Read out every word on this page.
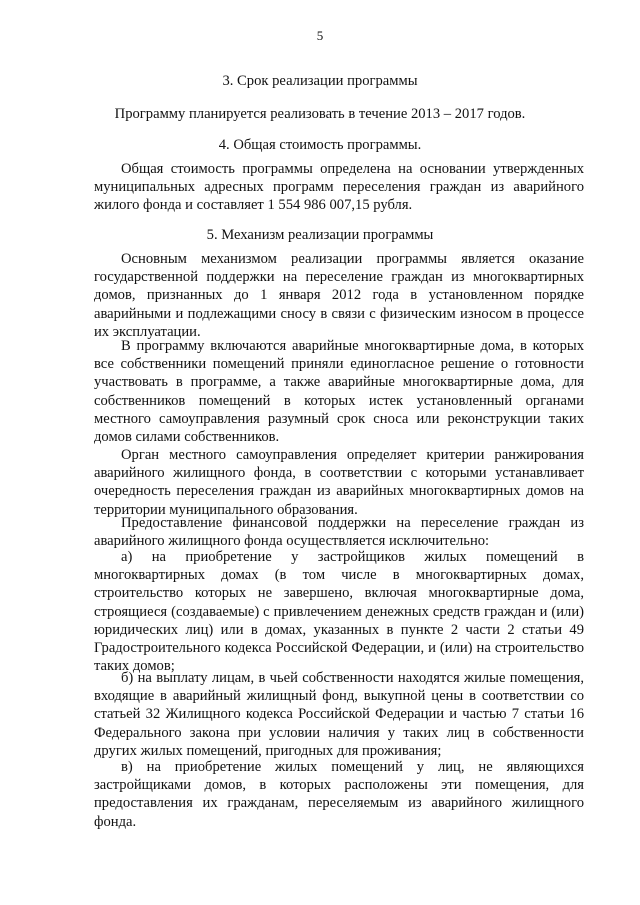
5
3. Срок реализации программы
Программу планируется реализовать в течение 2013 – 2017 годов.
4. Общая стоимость программы.
Общая стоимость программы определена на основании утвержденных муниципальных адресных программ переселения граждан из аварийного жилого фонда и составляет 1 554 986 007,15 рубля.
5. Механизм реализации программы
Основным механизмом реализации программы является оказание государственной поддержки на переселение граждан из многоквартирных домов, признанных до 1 января 2012 года в установленном порядке аварийными и подлежащими сносу в связи с физическим износом в процессе их эксплуатации.
В программу включаются аварийные многоквартирные дома, в которых все собственники помещений приняли единогласное решение о готовности участвовать в программе, а также аварийные многоквартирные дома, для собственников помещений в которых истек установленный органами местного самоуправления разумный срок сноса или реконструкции таких домов силами собственников.
Орган местного самоуправления определяет критерии ранжирования аварийного жилищного фонда, в соответствии с которыми устанавливает очередность переселения граждан из аварийных многоквартирных домов на территории муниципального образования.
Предоставление финансовой поддержки на переселение граждан из аварийного жилищного фонда осуществляется исключительно:
а) на приобретение у застройщиков жилых помещений в многоквартирных домах (в том числе в многоквартирных домах, строительство которых не завершено, включая многоквартирные дома, строящиеся (создаваемые) с привлечением денежных средств граждан и (или) юридических лиц) или в домах, указанных в пункте 2 части 2 статьи 49 Градостроительного кодекса Российской Федерации, и (или) на строительство таких домов;
б) на выплату лицам, в чьей собственности находятся жилые помещения, входящие в аварийный жилищный фонд, выкупной цены в соответствии со статьей 32 Жилищного кодекса Российской Федерации и частью 7 статьи 16 Федерального закона при условии наличия у таких лиц в собственности других жилых помещений, пригодных для проживания;
в) на приобретение жилых помещений у лиц, не являющихся застройщиками домов, в которых расположены эти помещения, для предоставления их гражданам, переселяемым из аварийного жилищного фонда.
